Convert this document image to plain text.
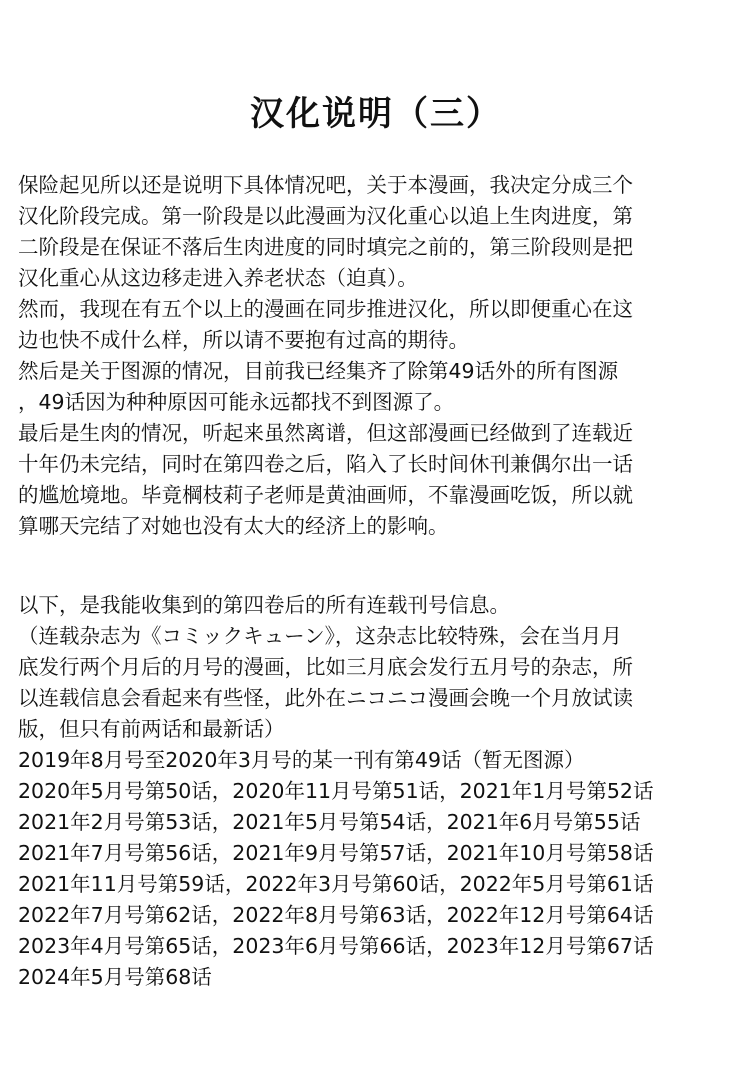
汉化说明（三）
保险起见所以还是说明下具体情况吧，关于本漫画，我决定分成三个
汉化阶段完成。第一阶段是以此漫画为汉化重心以追上生肉进度，第
二阶段是在保证不落后生肉进度的同时填完之前的，第三阶段则是把
汉化重心从这边移走进入养老状态（迫真）。
然而，我现在有五个以上的漫画在同步推进汉化，所以即便重心在这
边也快不成什么样，所以请不要抱有过高的期待。
然后是关于图源的情况，目前我已经集齐了除第49话外的所有图源
，49话因为种种原因可能永远都找不到图源了。
最后是生肉的情况，听起来虽然离谱，但这部漫画已经做到了连载近
十年仍未完结，同时在第四卷之后，陷入了长时间休刊兼偶尔出一话
的尴尬境地。毕竟棡枝莉子老师是黄油画师，不靠漫画吃饭，所以就
算哪天完结了对她也没有太大的经济上的影响。
以下，是我能收集到的第四卷后的所有连载刊号信息。
（连载杂志为《コミックキューン》，这杂志比较特殊，会在当月月
底发行两个月后的月号的漫画，比如三月底会发行五月号的杂志，所
以连载信息会看起来有些怪，此外在ニコニコ漫画会晚一个月放试读
版，但只有前两话和最新话）
2019年8月号至2020年3月号的某一刊有第49话（暂无图源）
2020年5月号第50话，2020年11月号第51话，2021年1月号第52话
2021年2月号第53话，2021年5月号第54话，2021年6月号第55话
2021年7月号第56话，2021年9月号第57话，2021年10月号第58话
2021年11月号第59话，2022年3月号第60话，2022年5月号第61话
2022年7月号第62话，2022年8月号第63话，2022年12月号第64话
2023年4月号第65话，2023年6月号第66话，2023年12月号第67话
2024年5月号第68话
